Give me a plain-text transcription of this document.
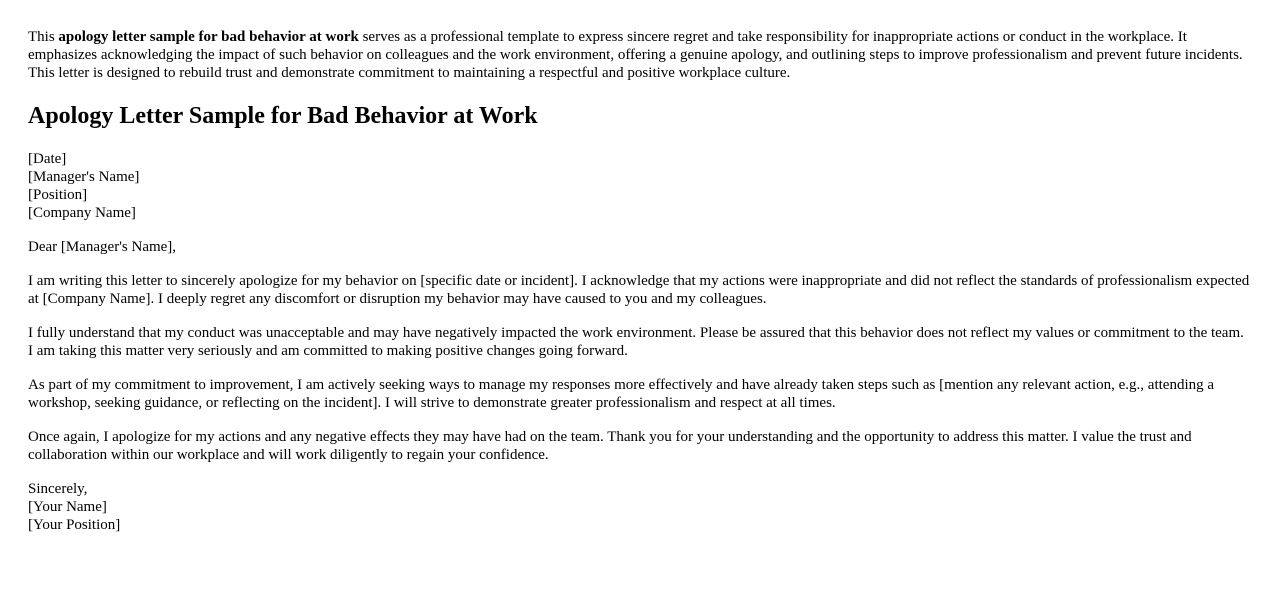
This apology letter sample for bad behavior at work serves as a professional template to express sincere regret and take responsibility for inappropriate actions or conduct in the workplace. It emphasizes acknowledging the impact of such behavior on colleagues and the work environment, offering a genuine apology, and outlining steps to improve professionalism and prevent future incidents. This letter is designed to rebuild trust and demonstrate commitment to maintaining a respectful and positive workplace culture.

Apology Letter Sample for Bad Behavior at Work

[Date]
[Manager's Name]
[Position]
[Company Name]

Dear [Manager's Name],

I am writing this letter to sincerely apologize for my behavior on [specific date or incident]. I acknowledge that my actions were inappropriate and did not reflect the standards of professionalism expected at [Company Name]. I deeply regret any discomfort or disruption my behavior may have caused to you and my colleagues.

I fully understand that my conduct was unacceptable and may have negatively impacted the work environment. Please be assured that this behavior does not reflect my values or commitment to the team. I am taking this matter very seriously and am committed to making positive changes going forward.

As part of my commitment to improvement, I am actively seeking ways to manage my responses more effectively and have already taken steps such as [mention any relevant action, e.g., attending a workshop, seeking guidance, or reflecting on the incident]. I will strive to demonstrate greater professionalism and respect at all times.

Once again, I apologize for my actions and any negative effects they may have had on the team. Thank you for your understanding and the opportunity to address this matter. I value the trust and collaboration within our workplace and will work diligently to regain your confidence.

Sincerely,
[Your Name]
[Your Position]
